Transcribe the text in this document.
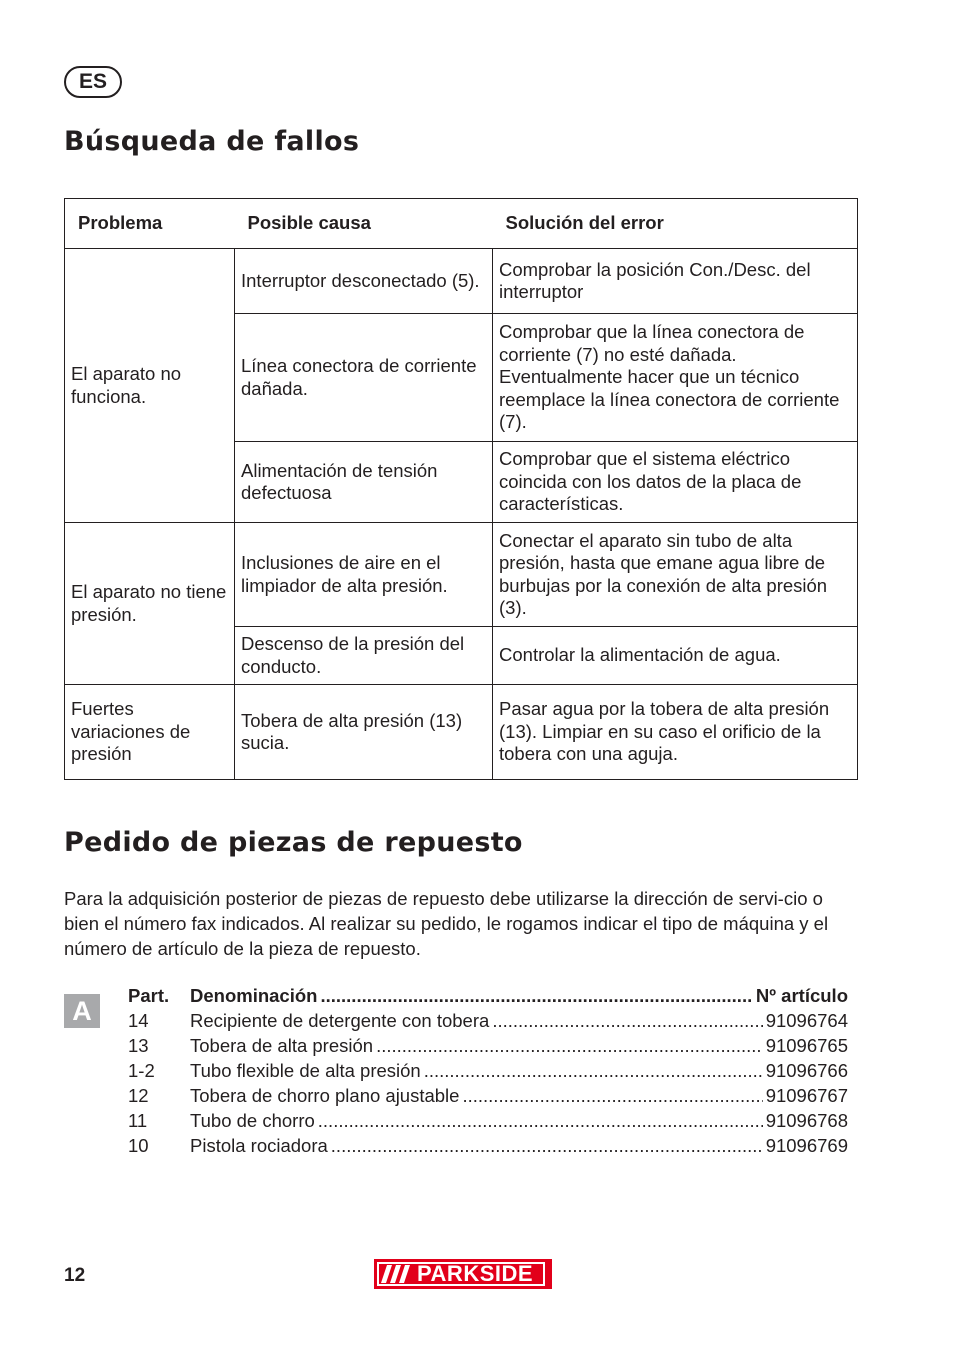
ES
Búsqueda de fallos
Problema	Posible causa	Solución del error
El aparato no funciona.	Interruptor desconectado (5).	Comprobar la posición Con./Desc. del interruptor
	Línea conectora de corriente dañada.	Comprobar que la línea conectora de corriente (7) no esté dañada. Eventualmente hacer que un técnico reemplace la línea conectora de corriente (7).
	Alimentación de tensión defectuosa	Comprobar que el sistema eléctrico coincida con los datos de la placa de características.
El aparato no tiene presión.	Inclusiones de aire en el limpiador de alta presión.	Conectar el aparato sin tubo de alta presión, hasta que emane agua libre de burbujas por la conexión de alta presión (3).
	Descenso de la presión del conducto.	Controlar la alimentación de agua.
Fuertes variaciones de presión	Tobera de alta presión (13) sucia.	Pasar agua por la tobera de alta presión (13). Limpiar en su caso el orificio de la tobera con una aguja.
Pedido de piezas de repuesto

Para la adquisición posterior de piezas de repuesto debe utilizarse la dirección de servi-cio o bien el número fax indicados. Al realizar su pedido, le rogamos indicar el tipo de máquina y el número de artículo de la pieza de repuesto.

A	Part.	Denominación .....	Nº artículo
14	Recipiente de detergente con tobera .....	91096764
13	Tobera de alta presión .....	91096765
1-2	Tubo flexible de alta presión .....	91096766
12	Tobera de chorro plano ajustable .....	91096767
11	Tubo de chorro .....	91096768
10	Pistola rociadora .....	91096769
12	PARKSIDE
